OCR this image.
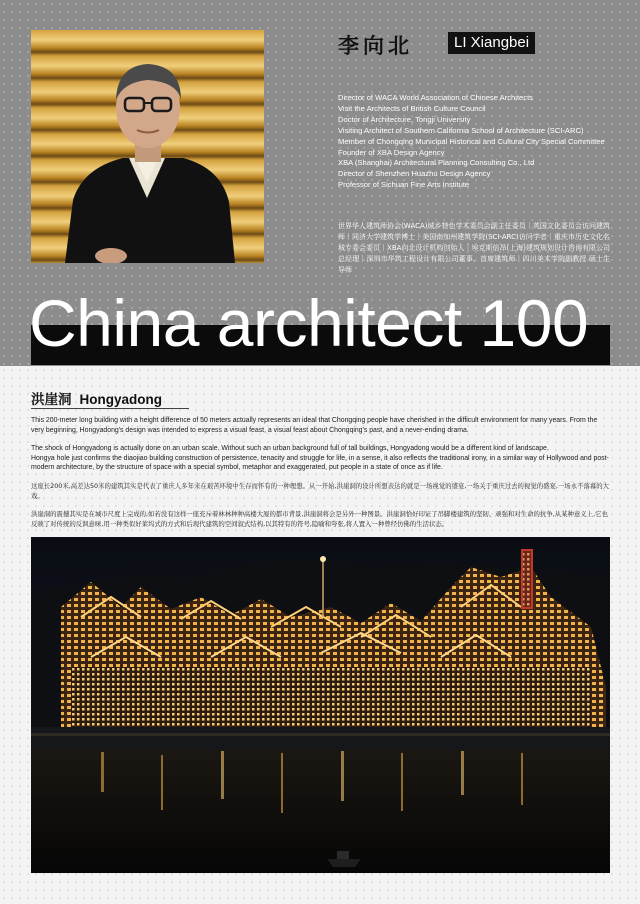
李向北	LI Xiangbei
Director of WACA World Association of Chinese Architects
Visit the Architects of British Culture Council
Doctor of Architecture, Tongji University
Visiting Architect of Southern California School of Architecture (SCI-ARC)
Member of Chongqing Municipal Historical and Cultural City Special Committee
Founder of XBA Design Agency
XBA (Shanghai) Architectural Planning Consulting Co., Ltd
Director of Shenzhen Huazhu Design Agency
Professor of Sichuan Fine Arts Institute
世界华人建筑师协会(WACA)城乡特色学术委员会副主任委员｜英国文化委员会访问建筑师｜同济大学建筑学博士｜美国南加州建筑学院(SCI-ARC)访问学者｜重庆市历史文化名城专委会委员｜XBA向北设计机构创始人｜埃克斯倍昂(上海)建筑规划设计咨询有限公司总经理｜深圳市华筑工程设计有限公司董事、首席建筑师｜四川美术学院副教授 硕士生导师
China architect 100
洪崖洞 Hongyadong

This 200-meter long building with a height difference of 50 meters actually represents an ideal that Chongqing people have cherished in the difficult environment for many years. From the very beginning, Hongyadong's design was intended to express a visual feast, a visual feast about Chongqing's past, and a never-ending drama.

The shock of Hongyadong is actually done on an urban scale. Without such an urban background full of tall buildings, Hongyadong would be a different kind of landscape.

Hongya hole just confirms the diaojiao building construction of persistence, tenacity and struggle for life, in a sense, it also reflects the traditional irony, in a similar way of Hollywood and post-modern architecture, by the structure of space with a special symbol, metaphor and exaggerated, put people in a state of once as if life.

这座长200米,高差达50米的建筑其实是代表了重庆人多年来在艰苦环境中生存而怀有的一种理想。从一开始,洪崖洞的设计所想表达的就是一场视觉的盛宴,一场关于重庆过去的视觉的盛宴,一场永不落幕的大戏。

洪崖洞的震撼其实是在城市尺度上完成的,如若没有这样一座充斥着林林种种高楼大厦的都市背景,洪崖洞将会是另外一种图景。洪崖洞恰好印证了吊脚楼建筑的坚韧、顽强和对生命的抗争,从某种意义上,它也反映了对传统的反讽意味,用一种类似好莱坞式的方式和后现代建筑的空间叙式结构,以其特有的符号,隐喻和夸张,将人置入一种曾经仿佛的生活状态。
